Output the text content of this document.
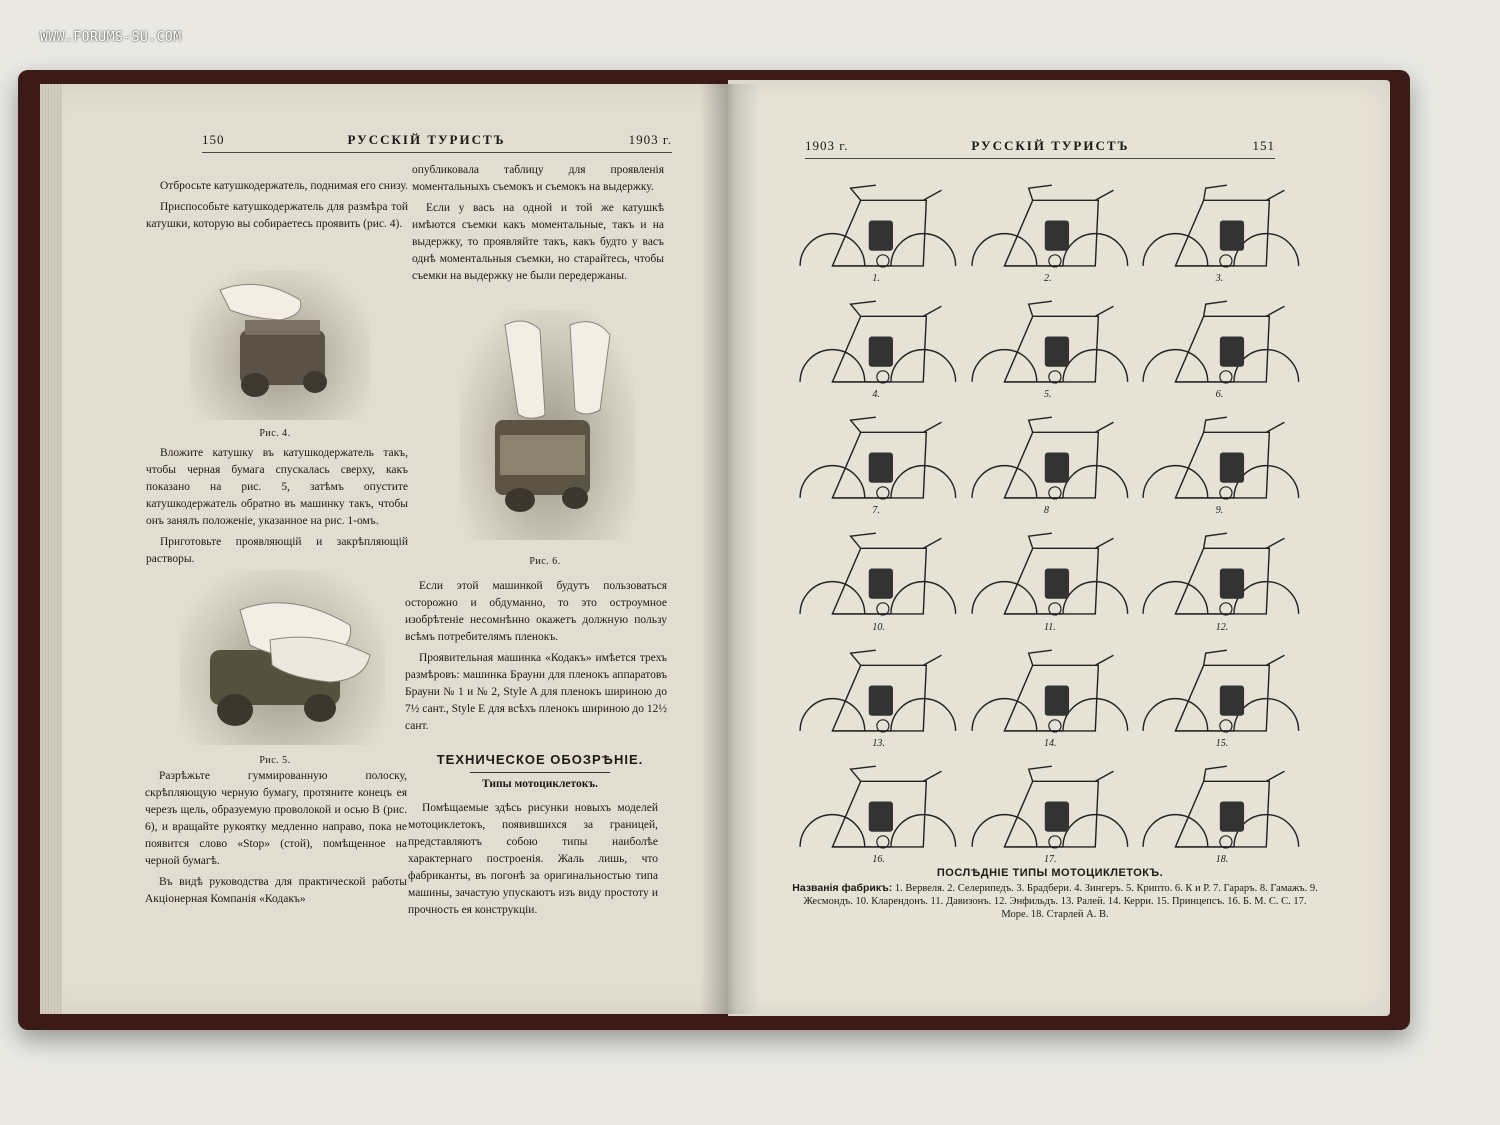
WWW.FORUMS-SU.COM
150	РУССКІЙ ТУРИСТЪ	1903 г.

Отбросьте катушкодержатель, поднимая его снизу.

Приспособьте катушкодержатель для размѣра той катушки, которую вы собираетесь проявить (рис. 4).

Рис. 4.

Вложите катушку въ катушкодержатель такъ, чтобы черная бумага спускалась сверху, какъ показано на рис. 5, затѣмъ опустите катушкодержатель обратно въ машинку такъ, чтобы онъ занялъ положеніе, указанное на рис. 1-омъ.

Приготовьте проявляющій и закрѣпляющій растворы.

Рис. 5.

Разрѣжьте гуммированную полоску, скрѣпляющую черную бумагу, протяните конецъ ея черезъ щель, образуемую проволокой и осью В (рис. 6), и вращайте рукоятку медленно направо, пока не появится слово «Stop» (стой), помѣщенное на черной бумагѣ.

Въ видѣ руководства для практической работы Акціонерная Компанія «Кодакъ»

опубликовала таблицу для проявленія моментальныхъ съемокъ и съемокъ на выдержку.

Если у васъ на одной и той же катушкѣ имѣются съемки какъ моментальные, такъ и на выдержку, то проявляйте такъ, какъ будто у васъ однѣ моментальныя съемки, но старайтесь, чтобы съемки на выдержку не были передержаны.

Рис. 6.

Если этой машинкой будутъ пользоваться осторожно и обдуманно, то это остроумное изобрѣтеніе несомнѣнно окажетъ должную пользу всѣмъ потребителямъ пленокъ.

Проявительная машинка «Кодакъ» имѣется трехъ размѣровъ: машинка Брауни для пленокъ аппаратовъ Брауни № 1 и № 2, Style A для пленокъ шириною до 7½ сант., Style E для всѣхъ пленокъ шириною до 12½ сант.

ТЕХНИЧЕСКОЕ ОБОЗРѢНІЕ.
Типы мотоциклетокъ.

Помѣщаемые здѣсь рисунки новыхъ моделей мотоциклетокъ, появившихся за границей, представляютъ собою типы наиболѣе характернаго построенія. Жаль лишь, что фабриканты, въ погонѣ за оригинальностью типа машины, зачастую упускаютъ изъ виду простоту и прочность ея конструкціи.

1903 г.	РУССКІЙ ТУРИСТЪ	151
1.	2.	3.
4.	5.	6.
7.	8	9.
10.	11.	12.
13.	14.	15.
16.	17.	18.
ПОСЛѢДНІЕ ТИПЫ МОТОЦИКЛЕТОКЪ.
Названія фабрикъ: 1. Вервеля. 2. Селерипедъ. 3. Брадбери. 4. Зингеръ. 5. Крипто. 6. К и Р. 7. Гараръ. 8. Гамажъ. 9. Жесмондъ. 10. Кларендонъ. 11. Давизонъ. 12. Энфильдъ. 13. Ралей. 14. Керри. 15. Принцепсъ. 16. Б. М. С. С. 17. Морe. 18. Старлей А. В.
